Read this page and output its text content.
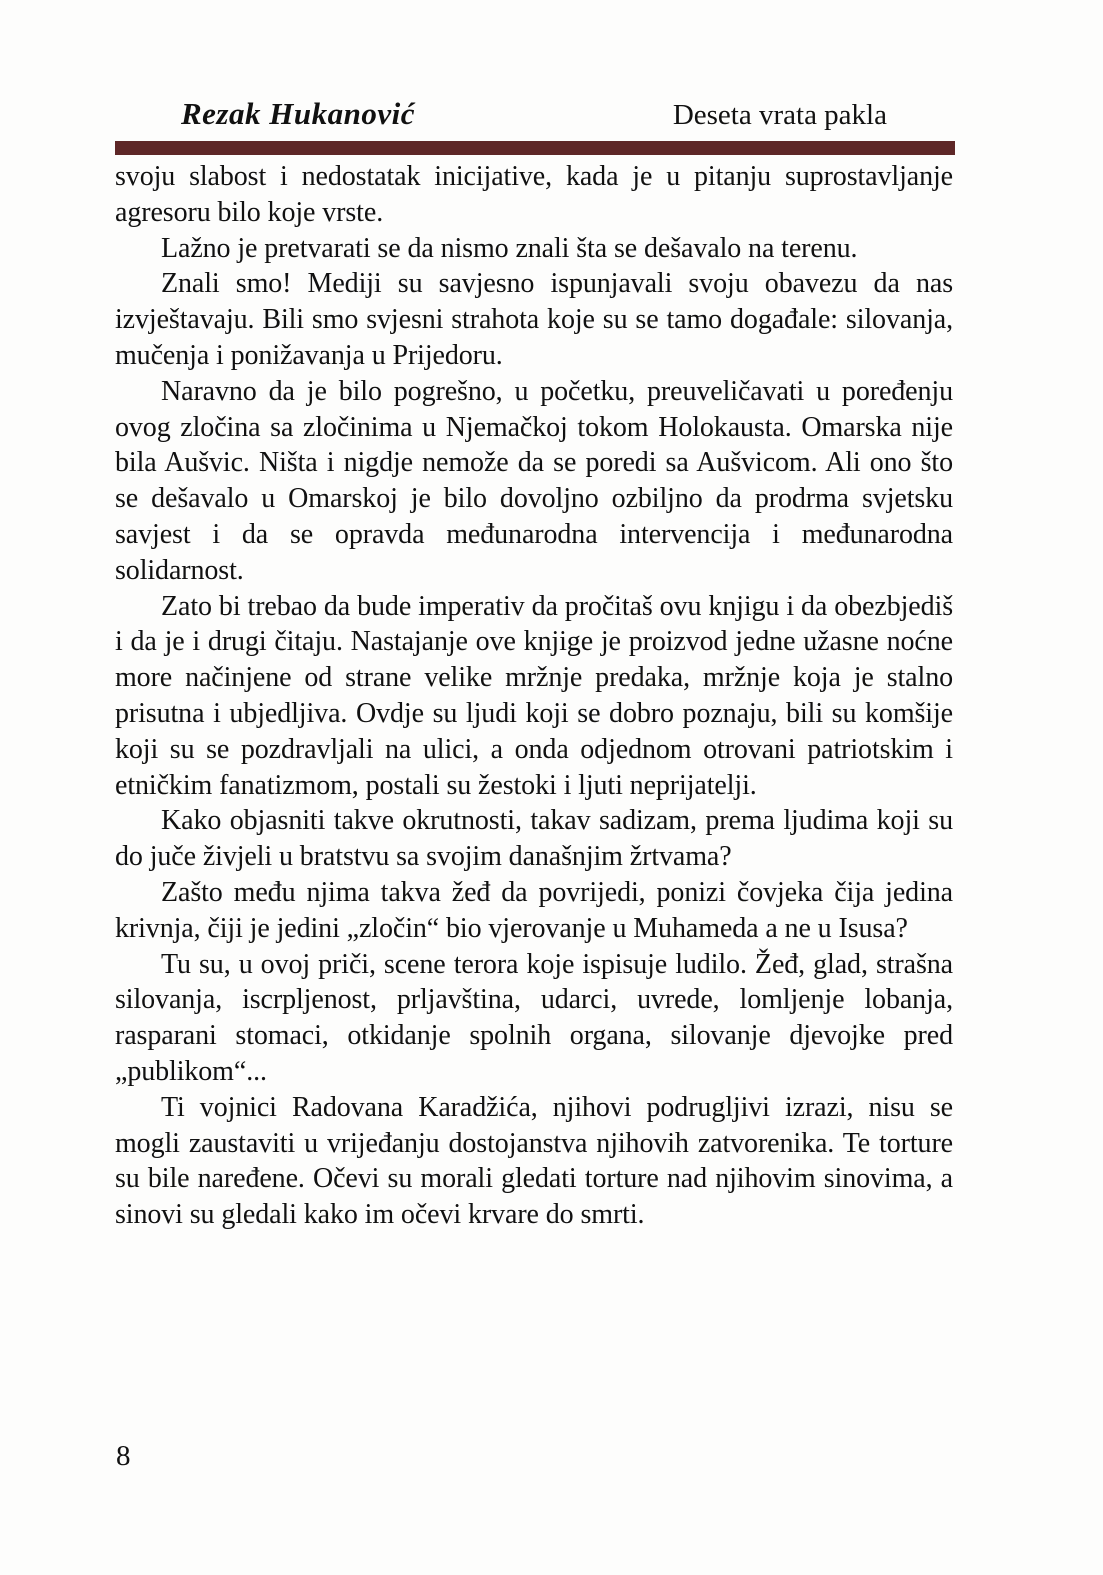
Rezak Hukanović	Deseta vrata pakla

svoju slabost i nedostatak inicijative, kada je u pitanju suprostavljanje agresoru bilo koje vrste.

Lažno je pretvarati se da nismo znali šta se dešavalo na terenu.

Znali smo! Mediji su savjesno ispunjavali svoju obavezu da nas izvještavaju. Bili smo svjesni strahota koje su se tamo događale: silovanja, mučenja i ponižavanja u Prijedoru.

Naravno da je bilo pogrešno, u početku, preuveličavati u poređenju ovog zločina sa zločinima u Njemačkoj tokom Holokausta. Omarska nije bila Aušvic. Ništa i nigdje nemože da se poredi sa Aušvicom. Ali ono što se dešavalo u Omarskoj je bilo dovoljno ozbiljno da prodrma svjetsku savjest i da se opravda međunarodna intervencija i međunarodna solidarnost.

Zato bi trebao da bude imperativ da pročitaš ovu knjigu i da obezbjediš i da je i drugi čitaju. Nastajanje ove knjige je proizvod jedne užasne noćne more načinjene od strane velike mržnje predaka, mržnje koja je stalno prisutna i ubjedljiva. Ovdje su ljudi koji se dobro poznaju, bili su komšije koji su se pozdravljali na ulici, a onda odjednom otrovani patriotskim i etničkim fanatizmom, postali su žestoki i ljuti neprijatelji.

Kako objasniti takve okrutnosti, takav sadizam, prema ljudima koji su do juče živjeli u bratstvu sa svojim današnjim žrtvama?

Zašto među njima takva žeđ da povrijedi, ponizi čovjeka čija jedina krivnja, čiji je jedini „zločin“ bio vjerovanje u Muhameda a ne u Isusa?

Tu su, u ovoj priči, scene terora koje ispisuje ludilo. Žeđ, glad, strašna silovanja, iscrpljenost, prljavština, udarci, uvrede, lomljenje lobanja, rasparani stomaci, otkidanje spolnih organa, silovanje djevojke pred „publikom“...

Ti vojnici Radovana Karadžića, njihovi podrugljivi izrazi, nisu se mogli zaustaviti u vrijeđanju dostojanstva njihovih zatvorenika. Te torture su bile naređene. Očevi su morali gledati torture nad njihovim sinovima, a sinovi su gledali kako im očevi krvare do smrti.

8
